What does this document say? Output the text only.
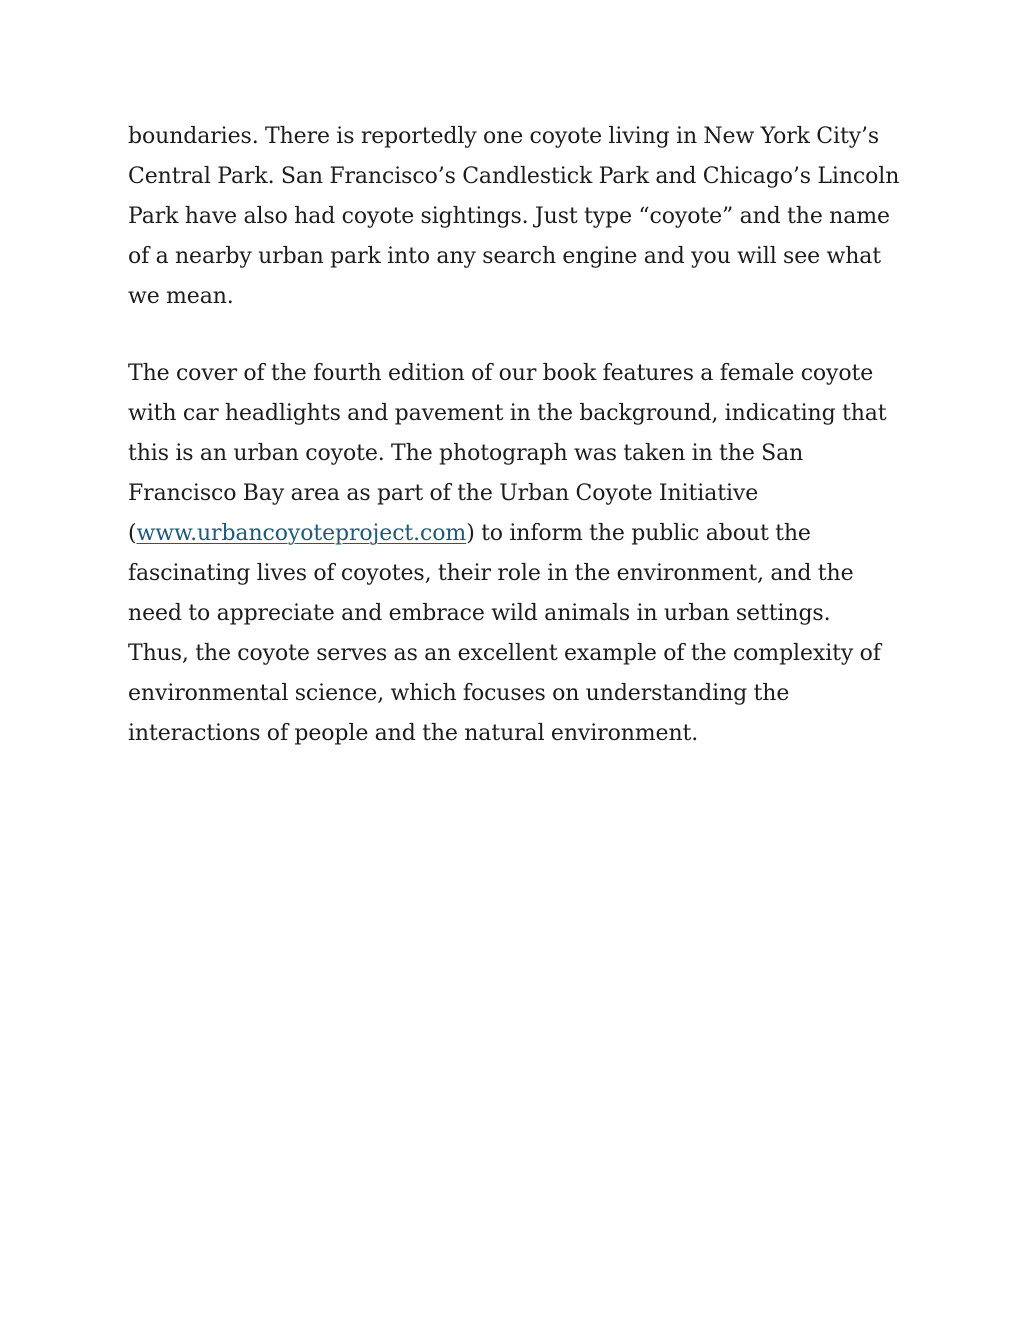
boundaries. There is reportedly one coyote living in New York City’s
Central Park. San Francisco’s Candlestick Park and Chicago’s Lincoln
Park have also had coyote sightings. Just type “coyote” and the name
of a nearby urban park into any search engine and you will see what
we mean.

The cover of the fourth edition of our book features a female coyote
with car headlights and pavement in the background, indicating that
this is an urban coyote. The photograph was taken in the San
Francisco Bay area as part of the Urban Coyote Initiative
(www.urbancoyoteproject.com) to inform the public about the
fascinating lives of coyotes, their role in the environment, and the
need to appreciate and embrace wild animals in urban settings.
Thus, the coyote serves as an excellent example of the complexity of
environmental science, which focuses on understanding the
interactions of people and the natural environment.
